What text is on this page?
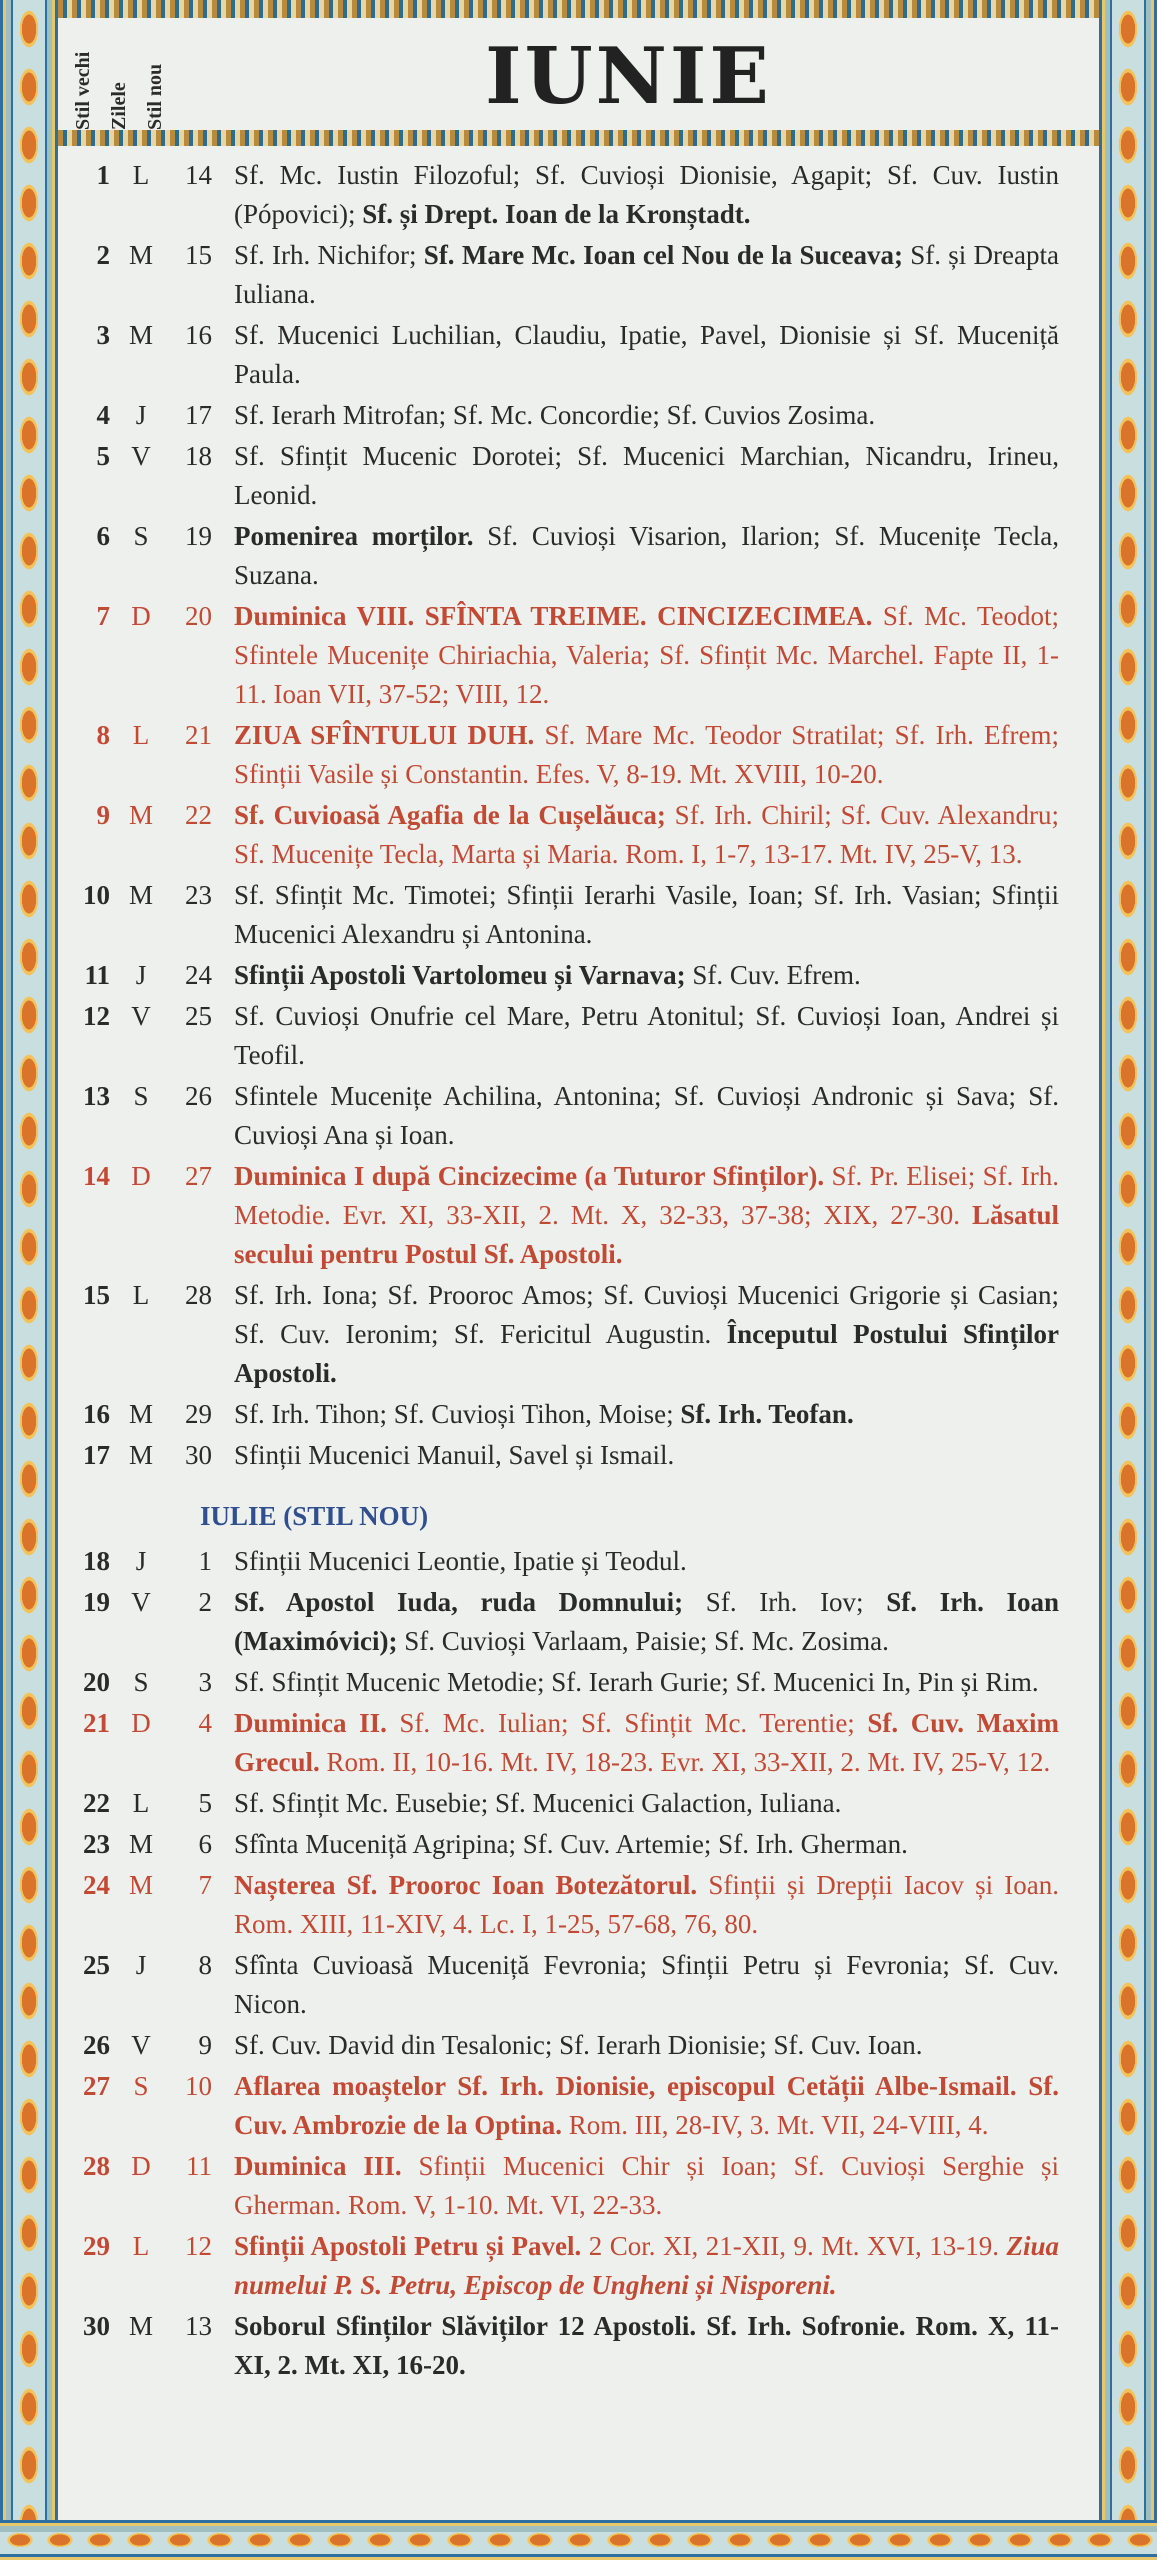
Stil vechi Zilele Stil nou	IUNIE
1 L	14 Sf. Mc. Iustin Filozoful; Sf. Cuvioși Dionisie, Agapit; Sf. Cuv. Iustin (Pópovici); Sf. și Drept. Ioan de la Kronștadt.
2 M	15 Sf. Irh. Nichifor; Sf. Mare Mc. Ioan cel Nou de la Suceava; Sf. și Dreapta Iuliana.
3 M	16 Sf. Mucenici Luchilian, Claudiu, Ipatie, Pavel, Dionisie și Sf. Muceniță Paula.
4 J	17 Sf. Ierarh Mitrofan; Sf. Mc. Concordie; Sf. Cuvios Zosima.
5 V	18 Sf. Sfințit Mucenic Dorotei; Sf. Mucenici Marchian, Nicandru, Irineu, Leonid.
6 S	19 Pomenirea morților. Sf. Cuvioși Visarion, Ilarion; Sf. Mucenițe Tecla, Suzana.
7 D	20 Duminica VIII. SFÎNTA TREIME. CINCIZECIMEA. Sf. Mc. Teodot; Sfintele Mucenițe Chiriachia, Valeria; Sf. Sfințit Mc. Marchel. Fapte II, 1-11. Ioan VII, 37-52; VIII, 12.
8 L	21 ZIUA SFÎNTULUI DUH. Sf. Mare Mc. Teodor Stratilat; Sf. Irh. Efrem; Sfinții Vasile și Constantin. Efes. V, 8-19. Mt. XVIII, 10-20.
9 M	22 Sf. Cuvioasă Agafia de la Cușelăuca; Sf. Irh. Chiril; Sf. Cuv. Alexandru; Sf. Mucenițe Tecla, Marta și Maria. Rom. I, 1-7, 13-17. Mt. IV, 25-V, 13.
10 M	23 Sf. Sfințit Mc. Timotei; Sfinții Ierarhi Vasile, Ioan; Sf. Irh. Vasian; Sfinții Mucenici Alexandru și Antonina.
11 J	24 Sfinții Apostoli Vartolomeu și Varnava; Sf. Cuv. Efrem.
12 V	25 Sf. Cuvioși Onufrie cel Mare, Petru Atonitul; Sf. Cuvioși Ioan, Andrei și Teofil.
13 S	26 Sfintele Mucenițe Achilina, Antonina; Sf. Cuvioși Andronic și Sava; Sf. Cuvioși Ana și Ioan.
14 D	27 Duminica I după Cincizecime (a Tuturor Sfinților). Sf. Pr. Elisei; Sf. Irh. Metodie. Evr. XI, 33-XII, 2. Mt. X, 32-33, 37-38; XIX, 27-30. Lăsatul secului pentru Postul Sf. Apostoli.
15 L	28 Sf. Irh. Iona; Sf. Prooroc Amos; Sf. Cuvioși Mucenici Grigorie și Casian; Sf. Cuv. Ieronim; Sf. Fericitul Augustin. Începutul Postului Sfinților Apostoli.
16 M	29 Sf. Irh. Tihon; Sf. Cuvioși Tihon, Moise; Sf. Irh. Teofan.
17 M	30 Sfinții Mucenici Manuil, Savel și Ismail.
IULIE (STIL NOU)
18 J	1 Sfinții Mucenici Leontie, Ipatie și Teodul.
19 V	2 Sf. Apostol Iuda, ruda Domnului; Sf. Irh. Iov; Sf. Irh. Ioan (Maximóvici); Sf. Cuvioși Varlaam, Paisie; Sf. Mc. Zosima.
20 S	3 Sf. Sfințit Mucenic Metodie; Sf. Ierarh Gurie; Sf. Mucenici In, Pin și Rim.
21 D	4 Duminica II. Sf. Mc. Iulian; Sf. Sfințit Mc. Terentie; Sf. Cuv. Maxim Grecul. Rom. II, 10-16. Mt. IV, 18-23. Evr. XI, 33-XII, 2. Mt. IV, 25-V, 12.
22 L	5 Sf. Sfințit Mc. Eusebie; Sf. Mucenici Galaction, Iuliana.
23 M	6 Sfînta Muceniță Agripina; Sf. Cuv. Artemie; Sf. Irh. Gherman.
24 M	7 Nașterea Sf. Prooroc Ioan Botezătorul. Sfinții și Drepții Iacov și Ioan. Rom. XIII, 11-XIV, 4. Lc. I, 1-25, 57-68, 76, 80.
25 J	8 Sfînta Cuvioasă Muceniță Fevronia; Sfinții Petru și Fevronia; Sf. Cuv. Nicon.
26 V	9 Sf. Cuv. David din Tesalonic; Sf. Ierarh Dionisie; Sf. Cuv. Ioan.
27 S	10 Aflarea moaștelor Sf. Irh. Dionisie, episcopul Cetății Albe-Ismail. Sf. Cuv. Ambrozie de la Optina. Rom. III, 28-IV, 3. Mt. VII, 24-VIII, 4.
28 D	11 Duminica III. Sfinții Mucenici Chir și Ioan; Sf. Cuvioși Serghie și Gherman. Rom. V, 1-10. Mt. VI, 22-33.
29 L	12 Sfinții Apostoli Petru și Pavel. 2 Cor. XI, 21-XII, 9. Mt. XVI, 13-19. Ziua numelui P. S. Petru, Episcop de Ungheni și Nisporeni.
30 M	13 Soborul Sfinților Slăviților 12 Apostoli. Sf. Irh. Sofronie. Rom. X, 11-XI, 2. Mt. XI, 16-20.
